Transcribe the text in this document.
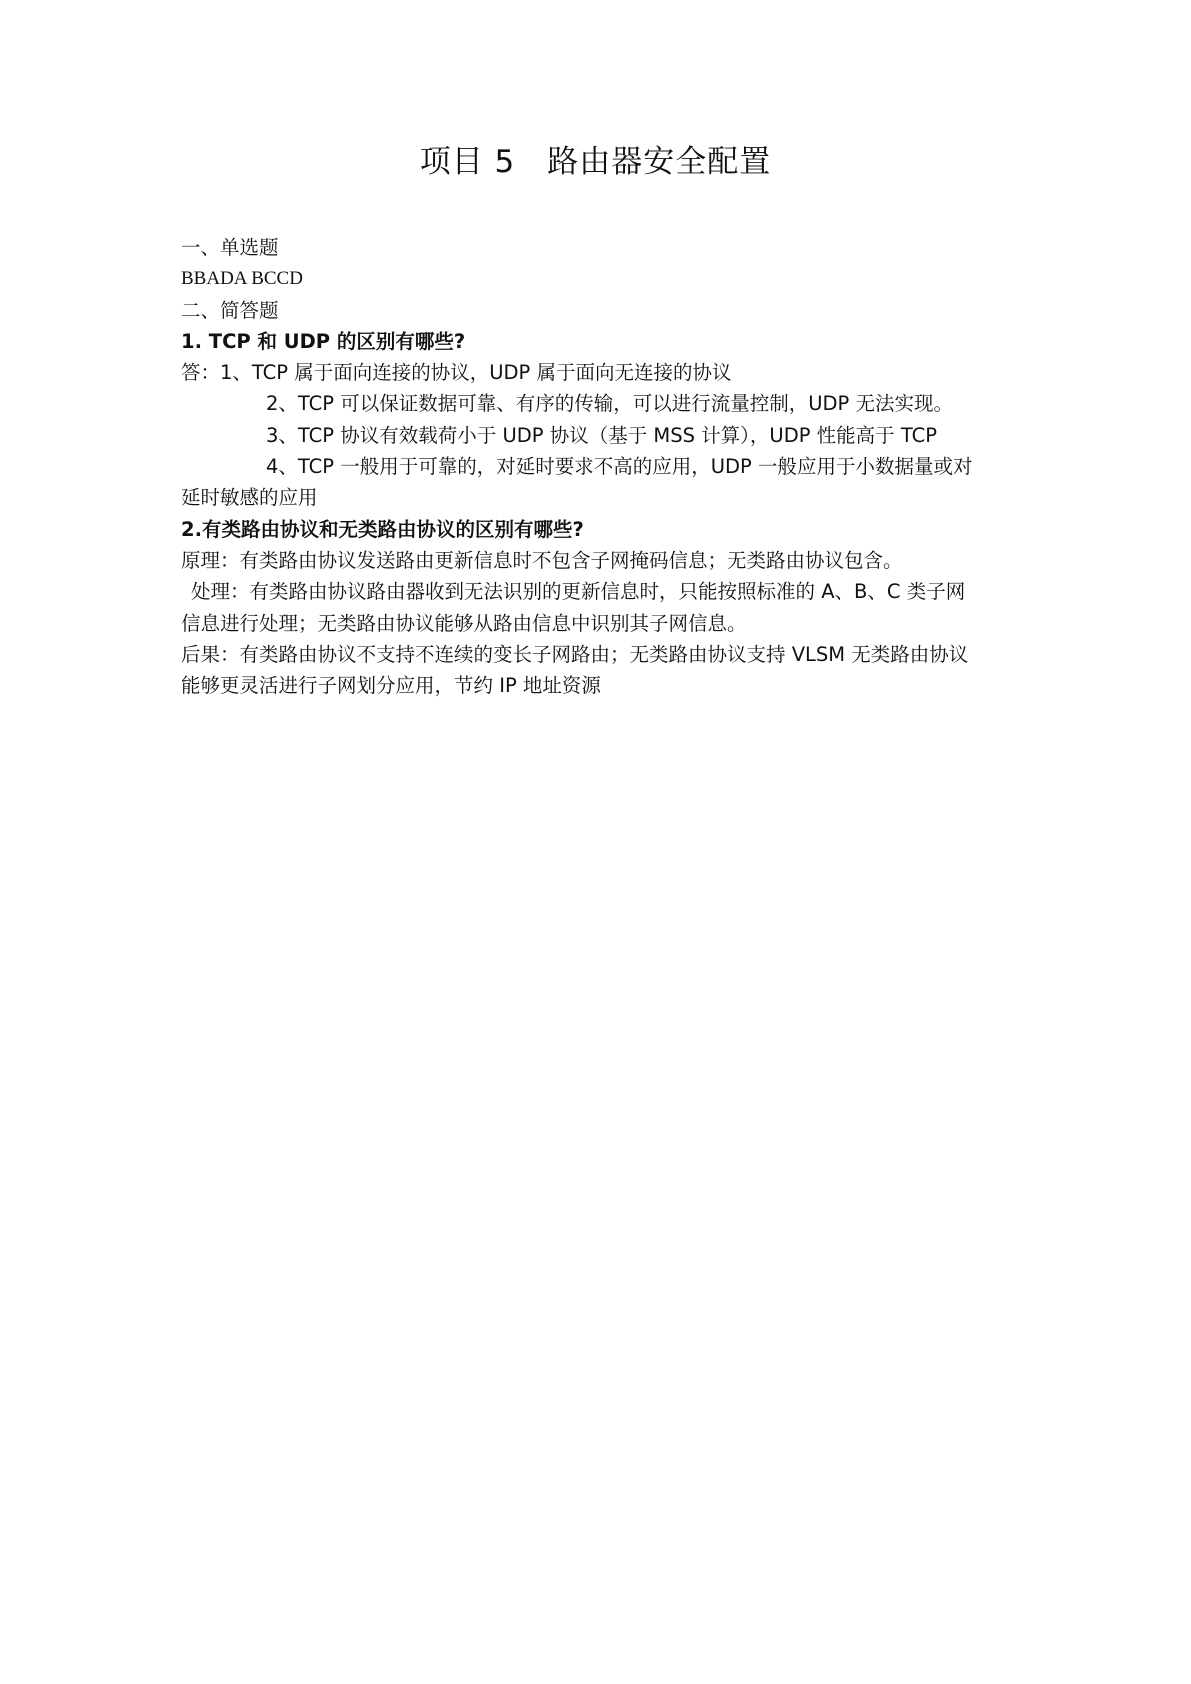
项目 5　路由器安全配置

一、单选题

BBADA BCCD

二、简答题

1. TCP 和 UDP 的区别有哪些?

答：1、TCP 属于面向连接的协议，UDP 属于面向无连接的协议

2、TCP 可以保证数据可靠、有序的传输，可以进行流量控制，UDP 无法实现。

3、TCP 协议有效载荷小于 UDP 协议（基于 MSS 计算），UDP 性能高于 TCP

4、TCP 一般用于可靠的，对延时要求不高的应用，UDP 一般应用于小数据量或对

延时敏感的应用

2.有类路由协议和无类路由协议的区别有哪些?

原理：有类路由协议发送路由更新信息时不包含子网掩码信息；无类路由协议包含。

处理：有类路由协议路由器收到无法识别的更新信息时，只能按照标准的 A、B、C 类子网

信息进行处理；无类路由协议能够从路由信息中识别其子网信息。

后果：有类路由协议不支持不连续的变长子网路由；无类路由协议支持 VLSM 无类路由协议

能够更灵活进行子网划分应用，节约 IP 地址资源
